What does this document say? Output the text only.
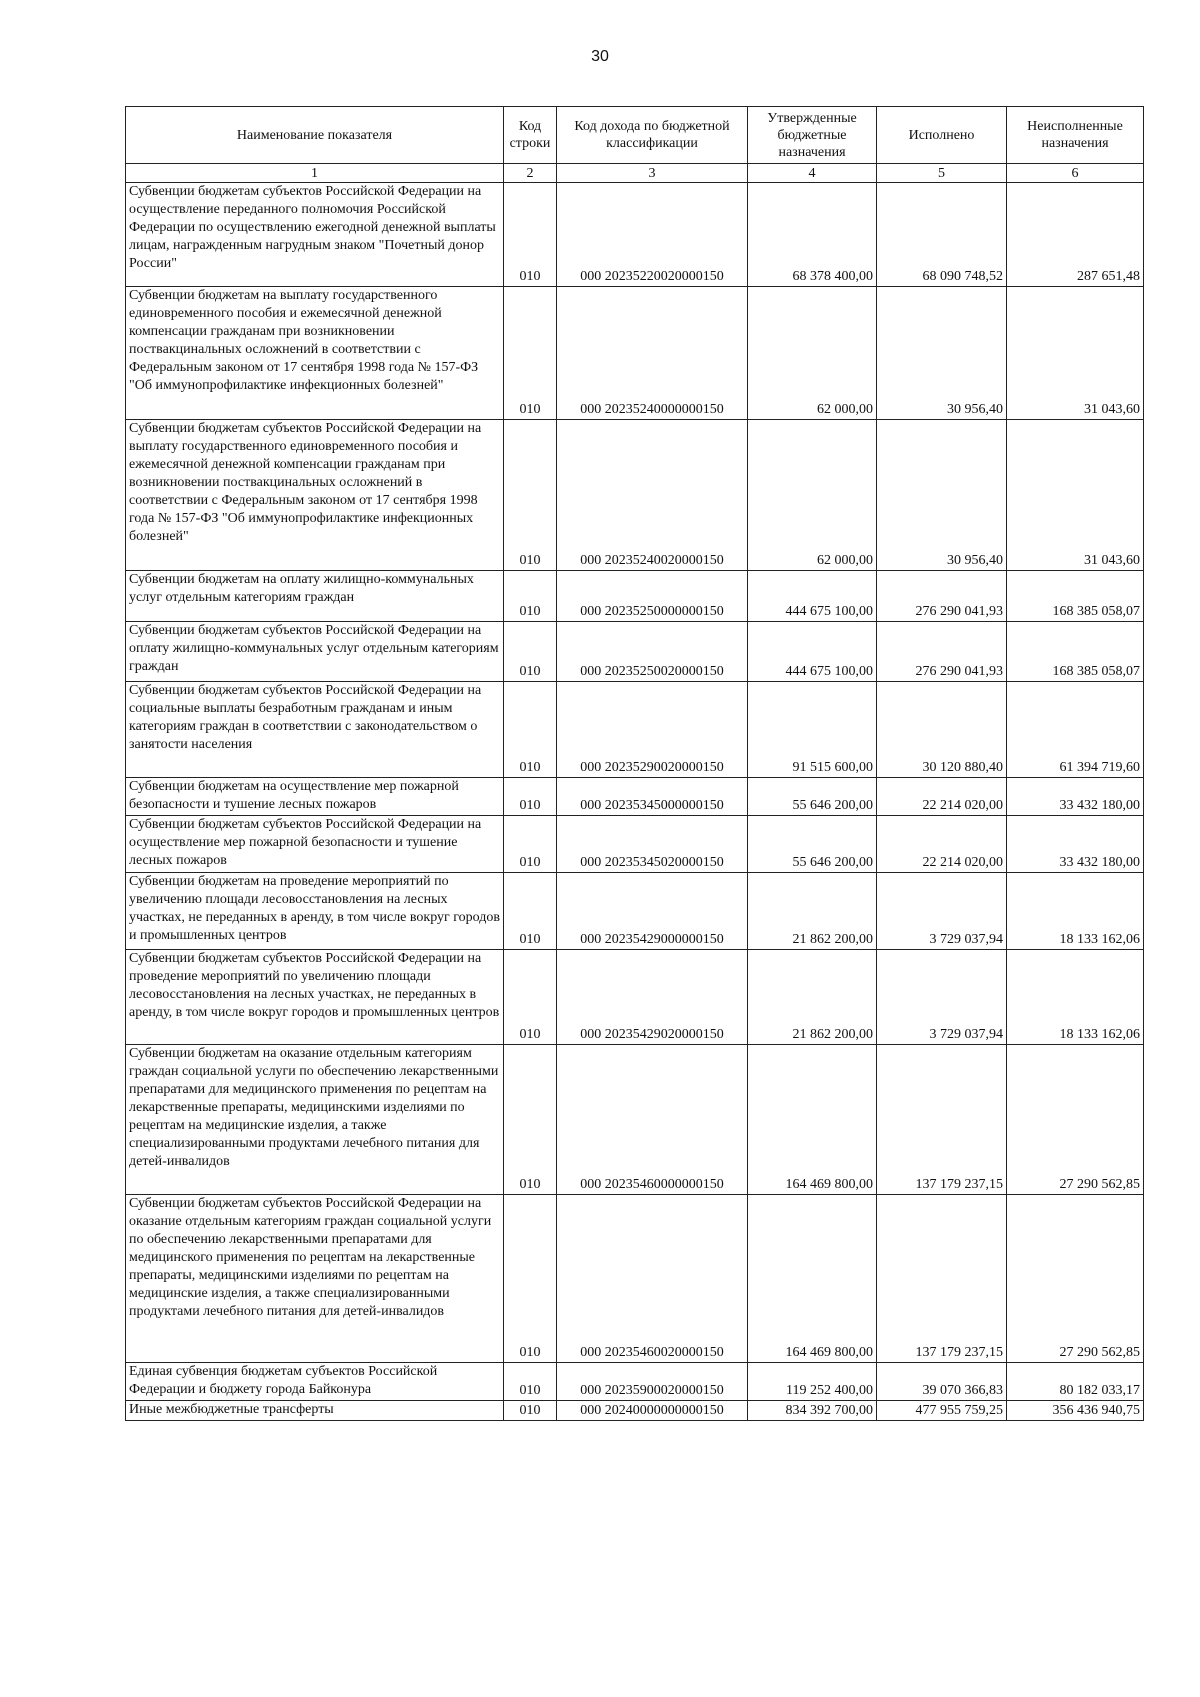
30
Наименование показателя	Код строки	Код дохода по бюджетной классификации	Утвержденные бюджетные назначения	Исполнено	Неисполненные назначения
1	2	3	4	5	6
Субвенции бюджетам субъектов Российской Федерации на осуществление переданного полномочия Российской Федерации по осуществлению ежегодной денежной выплаты лицам, награжденным нагрудным знаком "Почетный донор России"	010	000 20235220020000150	68 378 400,00	68 090 748,52	287 651,48
Субвенции бюджетам на выплату государственного единовременного пособия и ежемесячной денежной компенсации гражданам при возникновении поствакцинальных осложнений в соответствии с Федеральным законом от 17 сентября 1998 года № 157-ФЗ "Об иммунопрофилактике инфекционных болезней"	010	000 20235240000000150	62 000,00	30 956,40	31 043,60
Субвенции бюджетам субъектов Российской Федерации на выплату государственного единовременного пособия и ежемесячной денежной компенсации гражданам при возникновении поствакцинальных осложнений в соответствии с Федеральным законом от 17 сентября 1998 года № 157-ФЗ "Об иммунопрофилактике инфекционных болезней"	010	000 20235240020000150	62 000,00	30 956,40	31 043,60
Субвенции бюджетам на оплату жилищно-коммунальных услуг отдельным категориям граждан	010	000 20235250000000150	444 675 100,00	276 290 041,93	168 385 058,07
Субвенции бюджетам субъектов Российской Федерации на оплату жилищно-коммунальных услуг отдельным категориям граждан	010	000 20235250020000150	444 675 100,00	276 290 041,93	168 385 058,07
Субвенции бюджетам субъектов Российской Федерации на социальные выплаты безработным гражданам и иным категориям граждан в соответствии с законодательством о занятости населения	010	000 20235290020000150	91 515 600,00	30 120 880,40	61 394 719,60
Субвенции бюджетам на осуществление мер пожарной безопасности и тушение лесных пожаров	010	000 20235345000000150	55 646 200,00	22 214 020,00	33 432 180,00
Субвенции бюджетам субъектов Российской Федерации на осуществление мер пожарной безопасности и тушение лесных пожаров	010	000 20235345020000150	55 646 200,00	22 214 020,00	33 432 180,00
Субвенции бюджетам на проведение мероприятий по увеличению площади лесовосстановления на лесных участках, не переданных в аренду, в том числе вокруг городов и промышленных центров	010	000 20235429000000150	21 862 200,00	3 729 037,94	18 133 162,06
Субвенции бюджетам субъектов Российской Федерации на проведение мероприятий по увеличению площади лесовосстановления на лесных участках, не переданных в аренду, в том числе вокруг городов и промышленных центров	010	000 20235429020000150	21 862 200,00	3 729 037,94	18 133 162,06
Субвенции бюджетам на оказание отдельным категориям граждан социальной услуги по обеспечению лекарственными препаратами для медицинского применения по рецептам на лекарственные препараты, медицинскими изделиями по рецептам на медицинские изделия, а также специализированными продуктами лечебного питания для детей-инвалидов	010	000 20235460000000150	164 469 800,00	137 179 237,15	27 290 562,85
Субвенции бюджетам субъектов Российской Федерации на оказание отдельным категориям граждан социальной услуги по обеспечению лекарственными препаратами для медицинского применения по рецептам на лекарственные препараты, медицинскими изделиями по рецептам на медицинские изделия, а также специализированными продуктами лечебного питания для детей-инвалидов	010	000 20235460020000150	164 469 800,00	137 179 237,15	27 290 562,85
Единая субвенция бюджетам субъектов Российской Федерации и бюджету города Байконура	010	000 20235900020000150	119 252 400,00	39 070 366,83	80 182 033,17
Иные межбюджетные трансферты	010	000 20240000000000150	834 392 700,00	477 955 759,25	356 436 940,75
